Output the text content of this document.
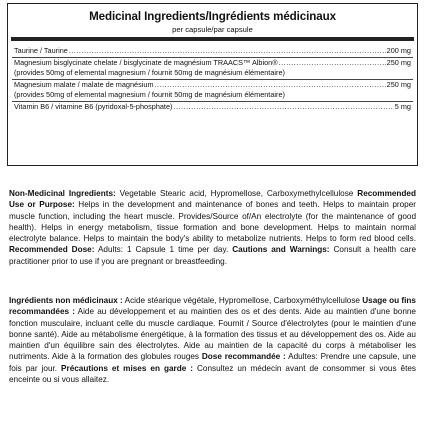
Medicinal Ingredients/Ingrédients médicinaux
per capsule/par capsule
Taurine / Taurine .....	200 mg
Magnesium bisglycinate chelate / bisglycinate de magnésium TRAACS™ Albion® .....	250 mg
(provides 50mg of elemental magnesium / fournit 50mg de magnésium élémentaire)
Magnesium malate / malate de magnésium .....	250 mg
(provides 50mg of elemental magnesium / fournit 50mg de magnésium élémentaire)
Vitamin B6 / vitamine B6 (pyridoxal-5-phosphate) .....	5 mg
Non-Medicinal Ingredients: Vegetable Stearic acid, Hypromellose, Carboxymethylcellulose Recommended Use or Purpose: Helps in the development and maintenance of bones and teeth. Helps to maintain proper muscle function, including the heart muscle. Provides/Source of/An electrolyte (for the maintenance of good health). Helps in energy metabolism, tissue formation and bone development. Helps to maintain normal electrolyte balance. Helps to maintain the body's ability to metabolize nutrients. Helps to form red blood cells. Recommended Dose: Adults: 1 Capsule 1 time per day. Cautions and Warnings: Consult a health care practitioner prior to use if you are pregnant or breastfeeding.
Ingrédients non médicinaux : Acide stéarique végétale, Hypromellose, Carboxyméthylcellulose Usage ou fins recommandées : Aide au développement et au maintien des os et des dents. Aide au maintien d'une bonne fonction musculaire, incluant celle du muscle cardiaque. Fournit / Source d'électrolytes (pour le maintien d'une bonne santé). Aide au métabolisme énergétique, à la formation des tissus et au développement des os. Aide au maintien d'un équilibre sain des électrolytes. Aide au maintien de la capacité du corps à métaboliser les nutriments. Aide à la formation des globules rouges Dose recommandée : Adultes: Prendre une capsule, une fois par jour. Précautions et mises en garde : Consultez un médecin avant de consommer si vous êtes enceinte ou si vous allaitez.
